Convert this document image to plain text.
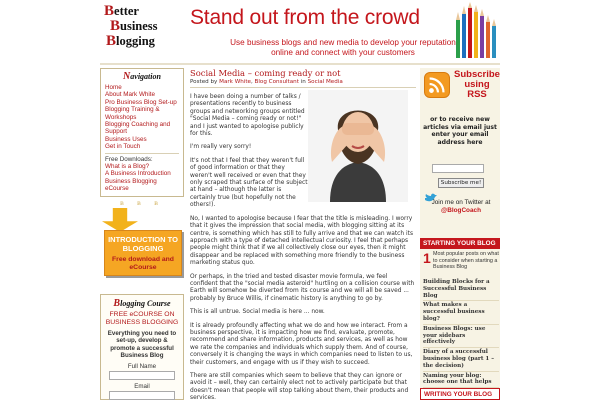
Better
Business
Blogging
Stand out from the crowd
Use business blogs and new media to develop your reputation online and connect with your customers
Navigation
Home
About Mark White
Pro Business Blog Set-up
Blogging Training & Workshops
Blogging Coaching and Support
Business Uses
Get in Touch
Free Downloads:
What is a Blog?
A Business Introduction
Business Blogging eCourse
B B B
INTRODUCTION TO BLOGGING
Free download and eCourse
Blogging Course
FREE eCOURSE ON BUSINESS BLOGGING
Everything you need to set-up, develop & promote a successful Business Blog
Full Name
Email
Social Media – coming ready or not
Posted by Mark White, Blog Consultant in Social Media

I have been doing a number of talks / presentations recently to business groups and networking groups entitled "Social Media – coming ready or not!" and I just wanted to apologise publicly for this.

I'm really very sorry!

It's not that I feel that they weren't full of good information or that they weren't well received or even that they only scraped that surface of the subject at hand – although the latter is certainly true (but hopefully not the others!).

No, I wanted to apologise because I fear that the title is misleading. I worry that it gives the impression that social media, with blogging sitting at its centre, is something which has still to fully arrive and that we can watch its approach with a type of detached intellectual curiosity. I feel that perhaps people might think that if we all collectively close our eyes, then it might disappear and be replaced with something more friendly to the business marketing status quo.

Or perhaps, in the tried and tested disaster movie formula, we feel confident that the "social media asteroid" hurtling on a collision course with Earth will somehow be diverted from its course and we will all be saved ... probably by Bruce Willis, if cinematic history is anything to go by.

This is all untrue. Social media is here ... now.

It is already profoundly affecting what we do and how we interact. From a business perspective, it is impacting how we find, evaluate, promote, recommend and share information, products and services, as well as how we rate the companies and individuals which supply them. And of course, conversely it is changing the ways in which companies need to listen to us, their customers, and engage with us if they wish to succeed.

There are still companies which seem to believe that they can ignore or avoid it – well, they can certainly elect not to actively participate but that doesn't mean that people will stop talking about them, their products and services.

Subscribe using RSS
or to receive new articles via email just enter your email address here
Subscribe me!
Join me on Twitter at
@BlogCoach
STARTING YOUR BLOG
1 Most popular posts on what to consider when starting a Business Blog
Building Blocks for a Successful Business Blog
What makes a successful business blog?
Business Blogs: use your sidebars effectively
Diary of a successful business blog (part 1 – the decision)
Naming your blog: choose one that helps
WRITING YOUR BLOG
